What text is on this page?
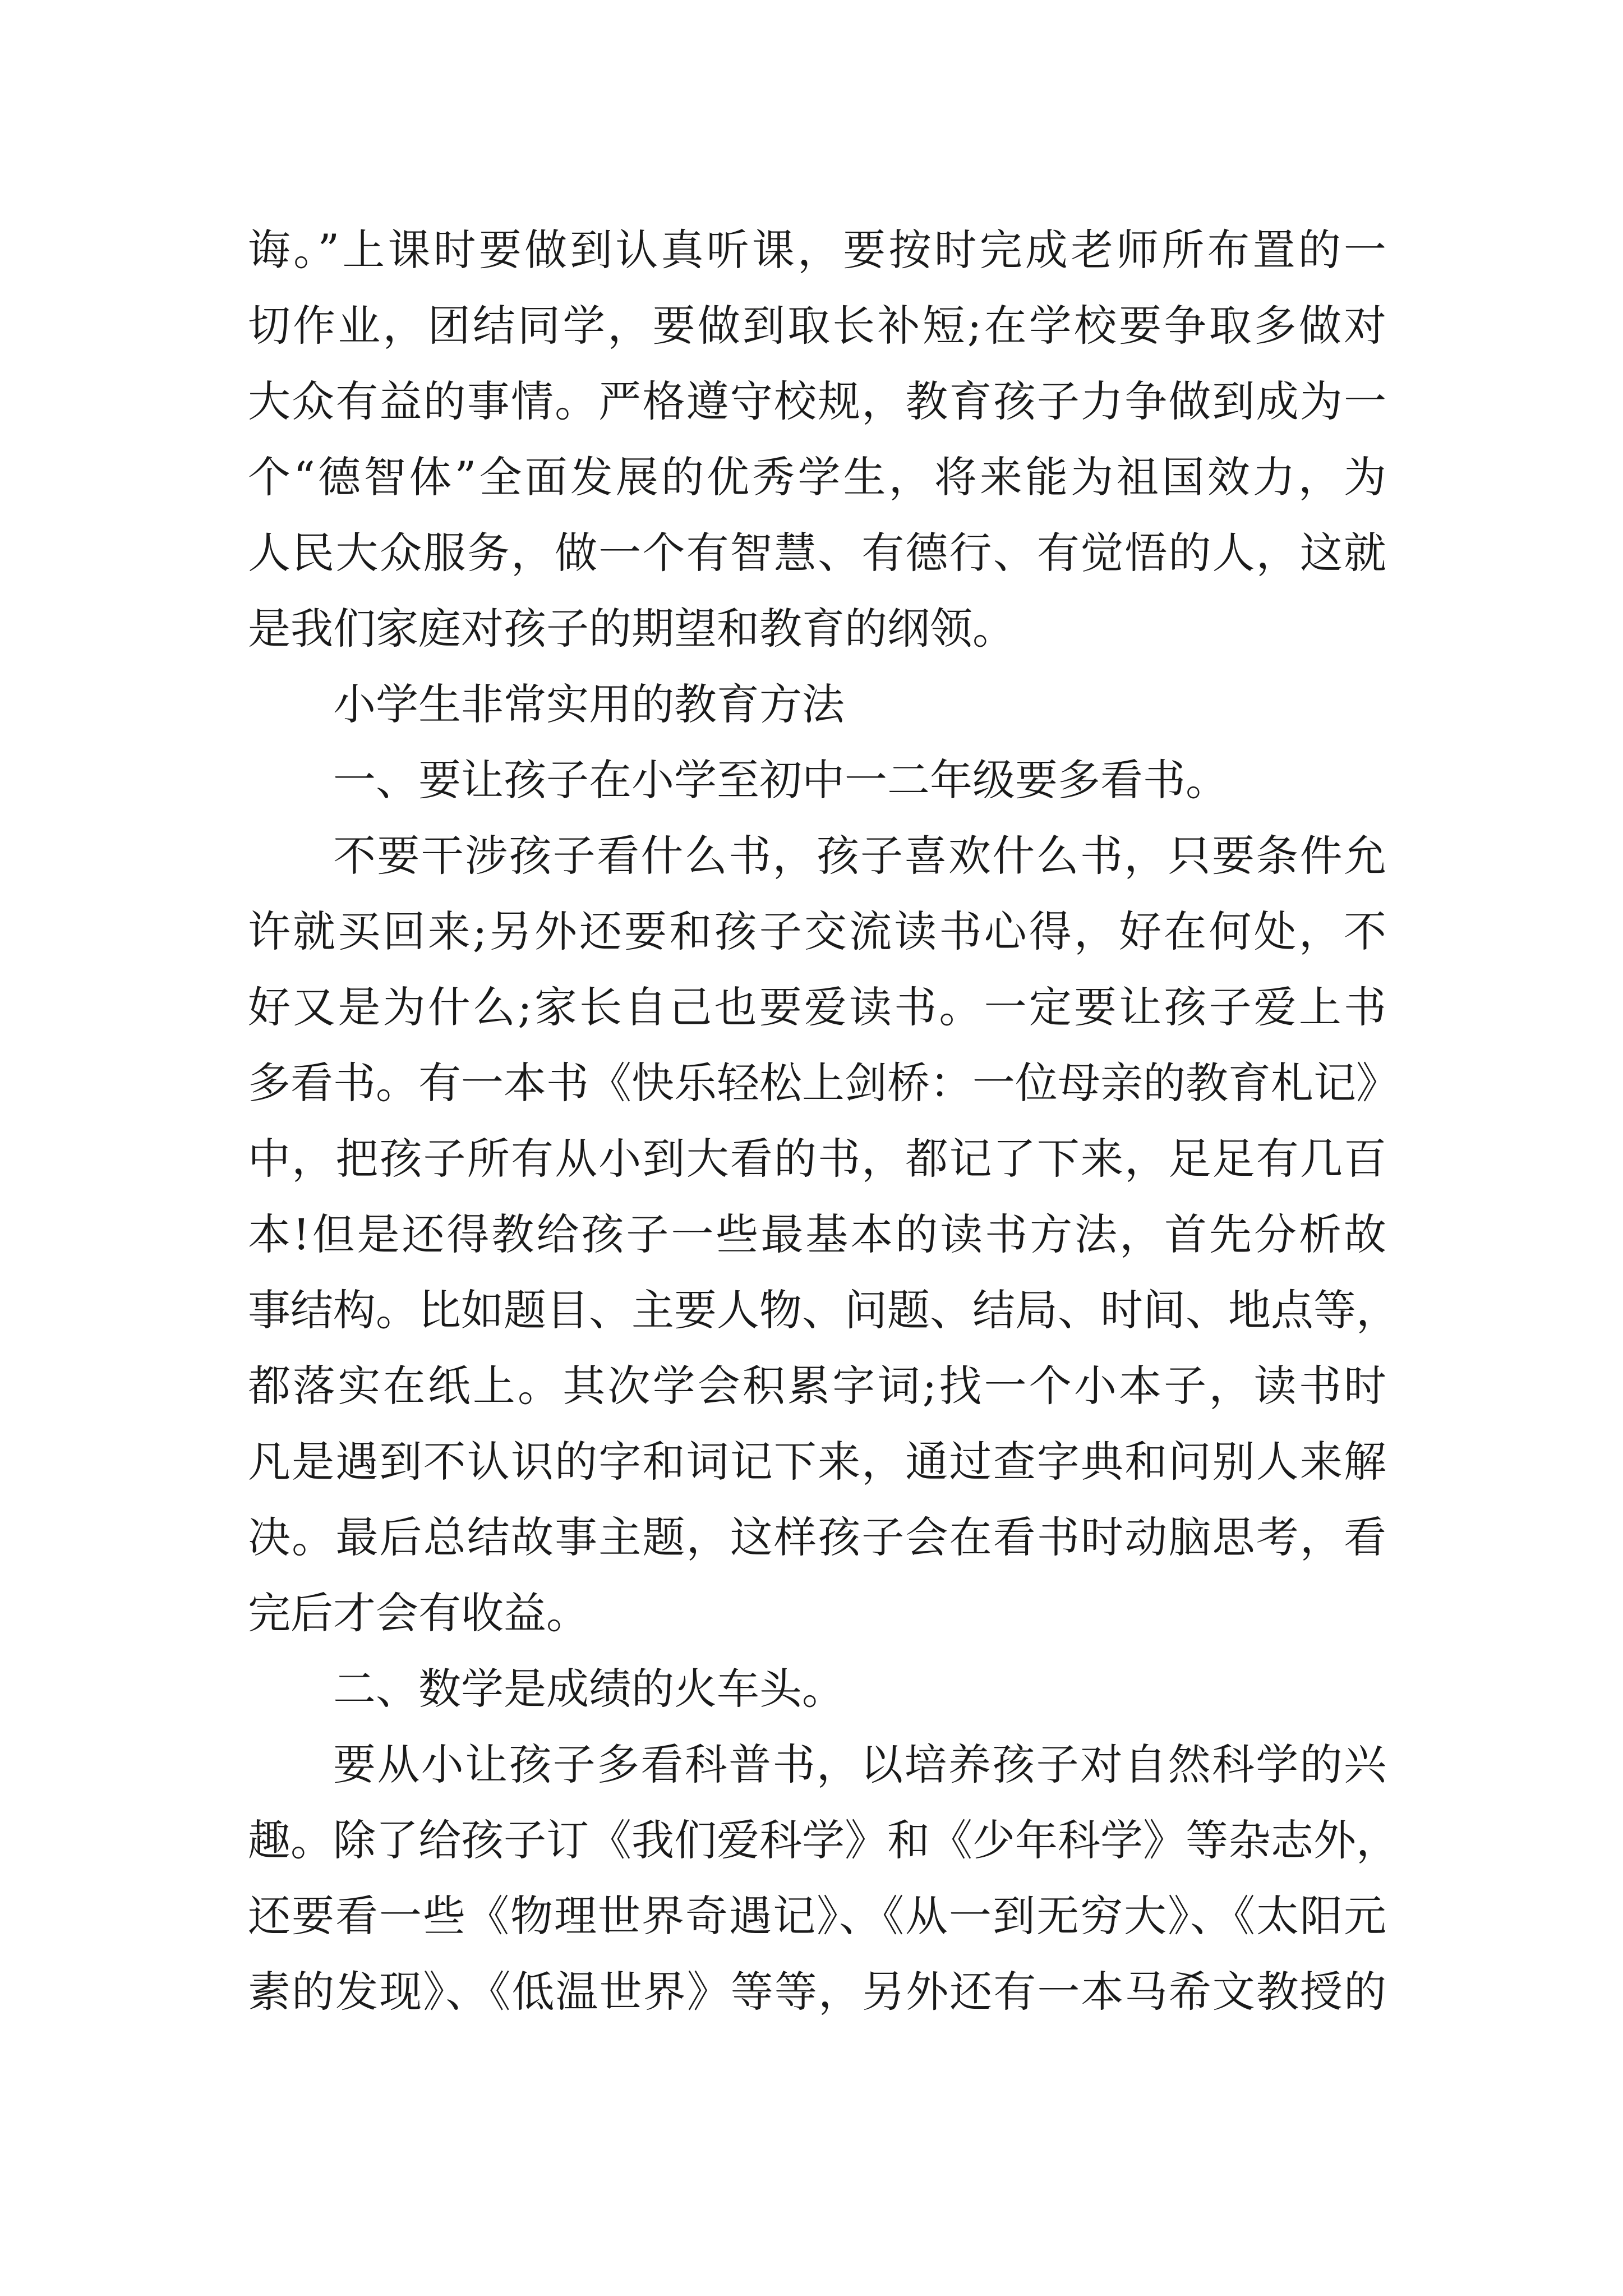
诲。”上课时要做到认真听课，要按时完成老师所布置的一
切作业，团结同学，要做到取长补短;在学校要争取多做对
大众有益的事情。严格遵守校规，教育孩子力争做到成为一
个“德智体”全面发展的优秀学生，将来能为祖国效力，为
人民大众服务，做一个有智慧、有德行、有觉悟的人，这就
是我们家庭对孩子的期望和教育的纲领。
小学生非常实用的教育方法
一、要让孩子在小学至初中一二年级要多看书。
不要干涉孩子看什么书，孩子喜欢什么书，只要条件允
许就买回来;另外还要和孩子交流读书心得，好在何处，不
好又是为什么;家长自己也要爱读书。一定要让孩子爱上书
多看书。有一本书《快乐轻松上剑桥：一位母亲的教育札记》
中，把孩子所有从小到大看的书，都记了下来，足足有几百
本!但是还得教给孩子一些最基本的读书方法，首先分析故
事结构。比如题目、主要人物、问题、结局、时间、地点等，
都落实在纸上。其次学会积累字词;找一个小本子，读书时
凡是遇到不认识的字和词记下来，通过查字典和问别人来解
决。最后总结故事主题，这样孩子会在看书时动脑思考，看
完后才会有收益。
二、数学是成绩的火车头。
要从小让孩子多看科普书，以培养孩子对自然科学的兴
趣。除了给孩子订《我们爱科学》和《少年科学》等杂志外，
还要看一些《物理世界奇遇记》、《从一到无穷大》、《太阳元
素的发现》、《低温世界》等等，另外还有一本马希文教授的
